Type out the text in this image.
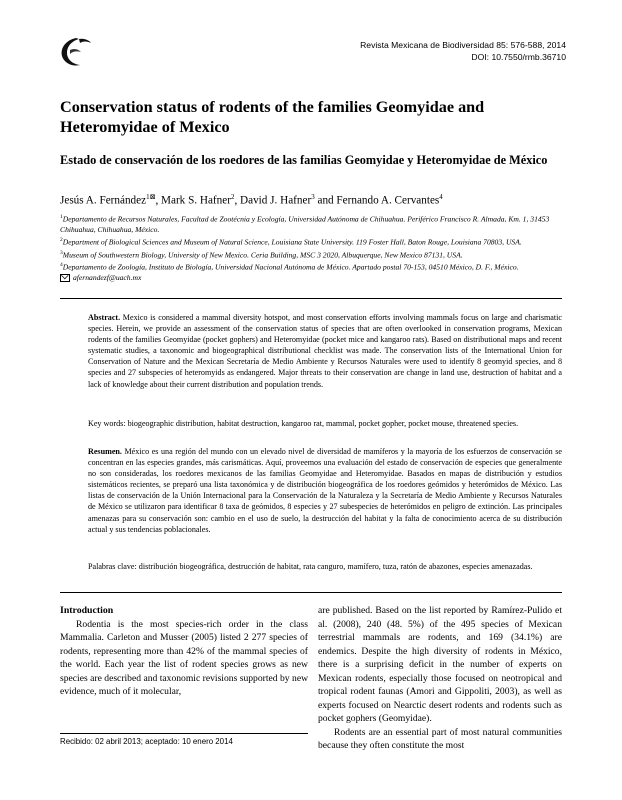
Revista Mexicana de Biodiversidad 85: 576-588, 2014
DOI: 10.7550/rmb.36710
Conservation status of rodents of the families Geomyidae and Heteromyidae of Mexico
Estado de conservación de los roedores de las familias Geomyidae y Heteromyidae de México
Jesús A. Fernández$^{1⊠}$, Mark S. Hafner$^2$, David J. Hafner$^3$ and Fernando A. Cervantes$^4$

$^1$Departamento de Recursos Naturales, Facultad de Zootécnia y Ecología, Universidad Autónoma de Chihuahua. Periférico Francisco R. Almada, Km. 1, 31453 Chihuahua, Chihuahua, México.

$^2$Department of Biological Sciences and Museum of Natural Science, Louisiana State University. 119 Foster Hall, Baton Rouge, Louisiana 70803, USA.

$^3$Museum of Southwestern Biology, University of New Mexico. Ceria Building, MSC 3 2020, Albuquerque, New Mexico 87131, USA.

$^4$Departamento de Zoología, Instituto de Biología, Universidad Nacional Autónoma de México. Apartado postal 70-153, 04510 México, D. F., México.

afernandezf@uach.mx

Abstract. Mexico is considered a mammal diversity hotspot, and most conservation efforts involving mammals focus on large and charismatic species. Herein, we provide an assessment of the conservation status of species that are often overlooked in conservation programs, Mexican rodents of the families Geomyidae (pocket gophers) and Heteromyidae (pocket mice and kangaroo rats). Based on distributional maps and recent systematic studies, a taxonomic and biogeographical distributional checklist was made. The conservation lists of the International Union for Conservation of Nature and the Mexican Secretaría de Medio Ambiente y Recursos Naturales were used to identify 8 geomyid species, and 8 species and 27 subspecies of heteromyids as endangered. Major threats to their conservation are change in land use, destruction of habitat and a lack of knowledge about their current distribution and population trends.

Key words: biogeographic distribution, habitat destruction, kangaroo rat, mammal, pocket gopher, pocket mouse, threatened species.

Resumen. México es una región del mundo con un elevado nivel de diversidad de mamíferos y la mayoría de los esfuerzos de conservación se concentran en las especies grandes, más carismáticas. Aquí, proveemos una evaluación del estado de conservación de especies que generalmente no son consideradas, los roedores mexicanos de las familias Geomyidae and Heteromyidae. Basados en mapas de distribución y estudios sistemáticos recientes, se preparó una lista taxonómica y de distribución biogeográfica de los roedores geómidos y heterómidos de México. Las listas de conservación de la Unión Internacional para la Conservación de la Naturaleza y la Secretaría de Medio Ambiente y Recursos Naturales de México se utilizaron para identificar 8 taxa de geómidos, 8 especies y 27 subespecies de heterómidos en peligro de extinción. Las principales amenazas para su conservación son: cambio en el uso de suelo, la destrucción del habitat y la falta de conocimiento acerca de su distribución actual y sus tendencias poblacionales.

Palabras clave: distribución biogeográfica, destrucción de habitat, rata canguro, mamífero, tuza, ratón de abazones, especies amenazadas.

Introduction

Rodentia is the most species-rich order in the class Mammalia. Carleton and Musser (2005) listed 2 277 species of rodents, representing more than 42% of the mammal species of the world. Each year the list of rodent species grows as new species are described and taxonomic revisions supported by new evidence, much of it molecular,

are published. Based on the list reported by Ramírez-Pulido et al. (2008), 240 (48. 5%) of the 495 species of Mexican terrestrial mammals are rodents, and 169 (34.1%) are endemics. Despite the high diversity of rodents in México, there is a surprising deficit in the number of experts on Mexican rodents, especially those focused on neotropical and tropical rodent faunas (Amori and Gippoliti, 2003), as well as experts focused on Nearctic desert rodents and rodents such as pocket gophers (Geomyidae).

Rodents are an essential part of most natural communities because they often constitute the most

Recibido: 02 abril 2013; aceptado: 10 enero 2014
